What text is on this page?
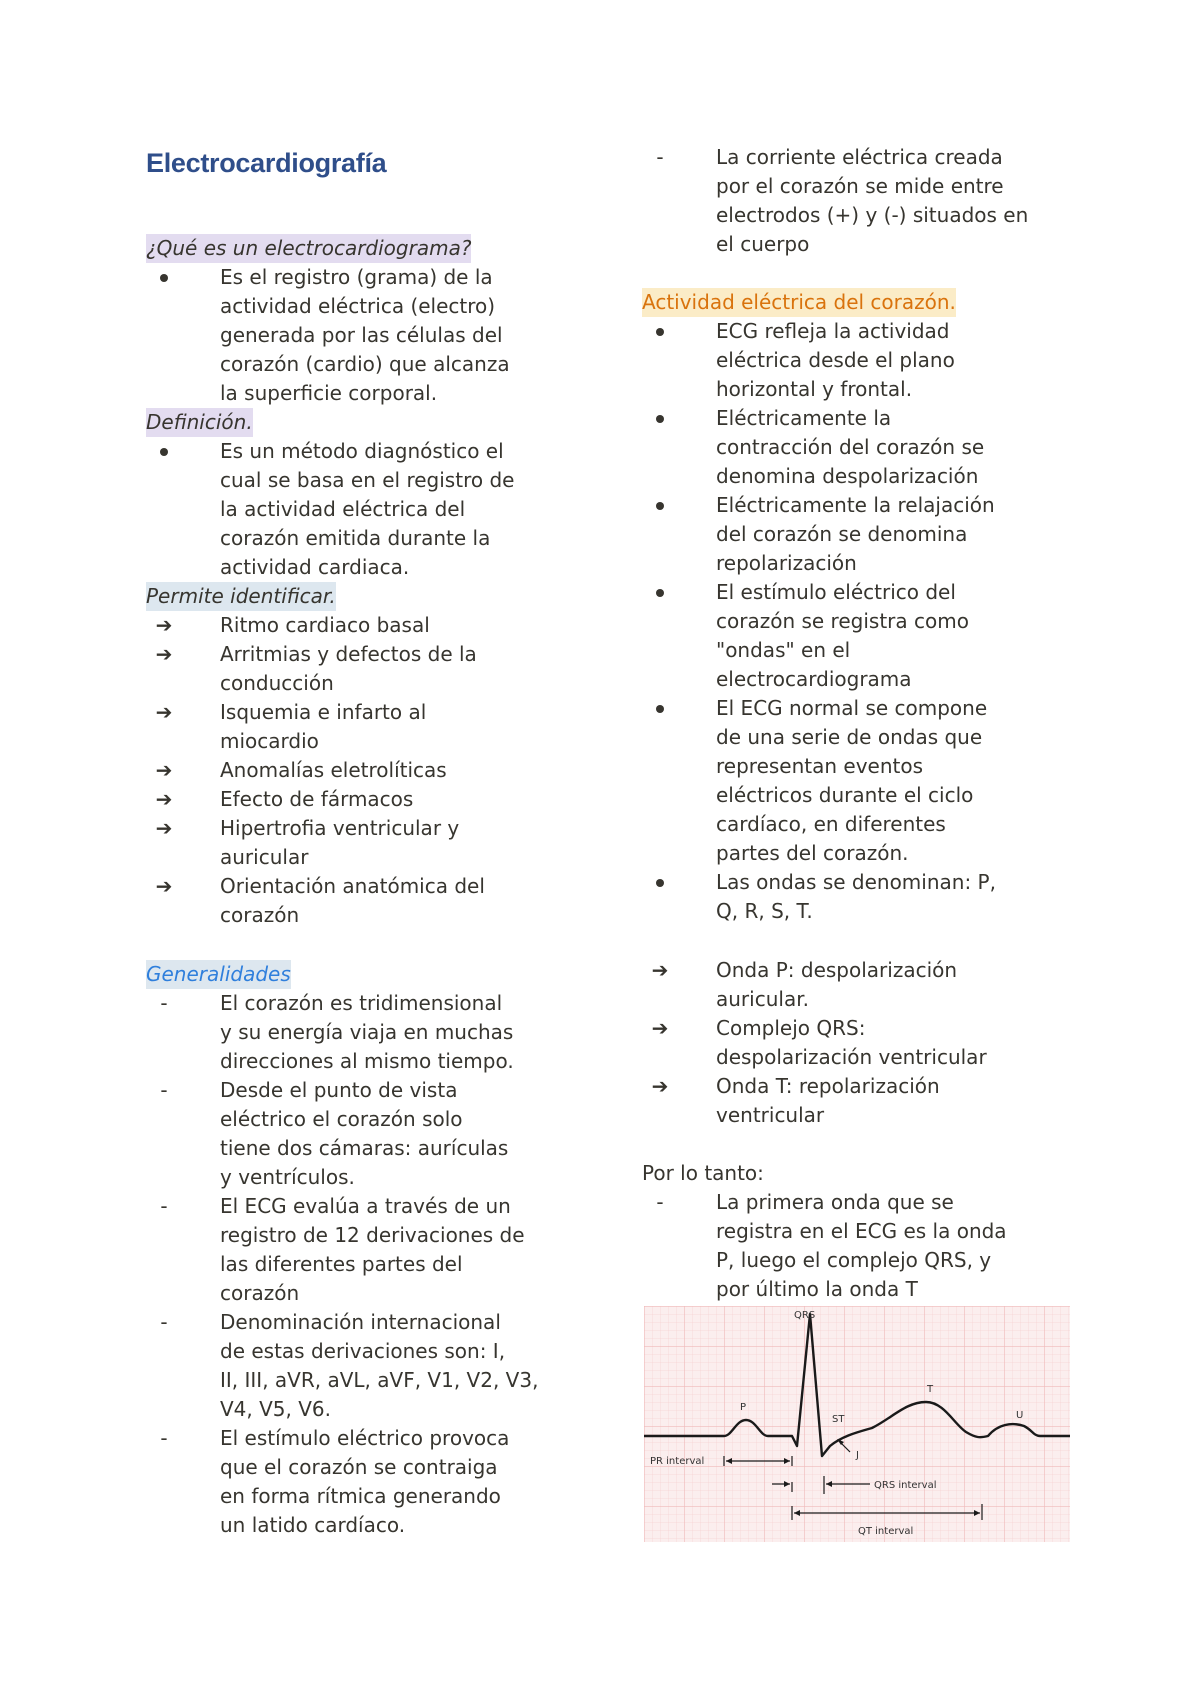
Electrocardiografía

¿Qué es un electrocardiograma?

Es el registro (grama) de la
actividad eléctrica (electro)
generada por las células del
corazón (cardio) que alcanza
la superficie corporal.

Definición.

Es un método diagnóstico el
cual se basa en el registro de
la actividad eléctrica del
corazón emitida durante la
actividad cardiaca.

Permite identificar.

➔	Ritmo cardiaco basal
➔	Arritmias y defectos de la
conducción
➔	Isquemia e infarto al
miocardio
➔	Anomalías eletrolíticas
➔	Efecto de fármacos
➔	Hipertrofia ventricular y
auricular
➔	Orientación anatómica del
corazón

Generalidades

-	El corazón es tridimensional
y su energía viaja en muchas
direcciones al mismo tiempo.
-	Desde el punto de vista
eléctrico el corazón solo
tiene dos cámaras: aurículas
y ventrículos.
-	El ECG evalúa a través de un
registro de 12 derivaciones de
las diferentes partes del
corazón
-	Denominación internacional
de estas derivaciones son: I,
II, III, aVR, aVL, aVF, V1, V2, V3,
V4, V5, V6.
-	El estímulo eléctrico provoca
que el corazón se contraiga
en forma rítmica generando
un latido cardíaco.
-	La corriente eléctrica creada
por el corazón se mide entre
electrodos (+) y (-) situados en
el cuerpo

Actividad eléctrica del corazón.

ECG refleja la actividad
eléctrica desde el plano
horizontal y frontal.
Eléctricamente la
contracción del corazón se
denomina despolarización
Eléctricamente la relajación
del corazón se denomina
repolarización
El estímulo eléctrico del
corazón se registra como
"ondas" en el
electrocardiograma
El ECG normal se compone
de una serie de ondas que
representan eventos
eléctricos durante el ciclo
cardíaco, en diferentes
partes del corazón.
Las ondas se denominan: P,
Q, R, S, T.
➔	Onda P: despolarización
auricular.
➔	Complejo QRS:
despolarización ventricular
➔	Onda T: repolarización
ventricular

Por lo tanto:

-	La primera onda que se
registra en el ECG es la onda
P, luego el complejo QRS, y
por último la onda T
QRS
P
T
U
ST
J
PR interval
QRS interval
QT interval
